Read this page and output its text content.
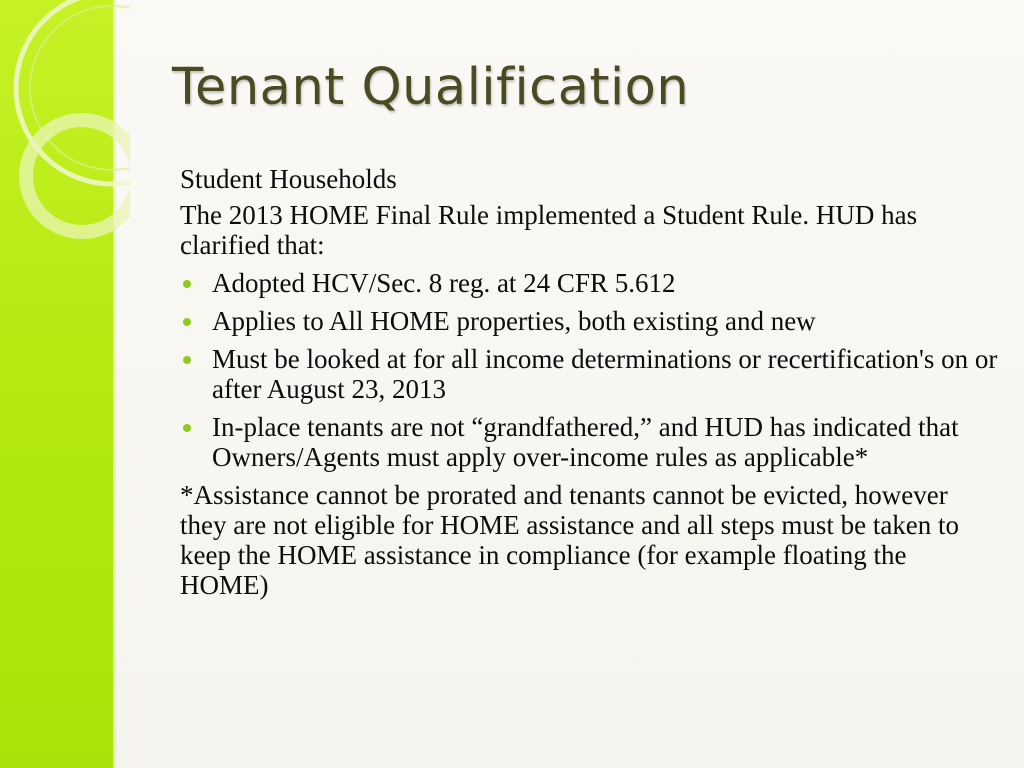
Tenant Qualification

Student Households

The 2013 HOME Final Rule implemented a Student Rule. HUD has clarified that:

Adopted HCV/Sec. 8 reg. at 24 CFR 5.612
Applies to All HOME properties, both existing and new
Must be looked at for all income determinations or recertification's on or after August 23, 2013
In-place tenants are not “grandfathered,” and HUD has indicated that Owners/Agents must apply over-income rules as applicable*

*Assistance cannot be prorated and tenants cannot be evicted, however they are not eligible for HOME assistance and all steps must be taken to keep the HOME assistance in compliance (for example floating the HOME)
